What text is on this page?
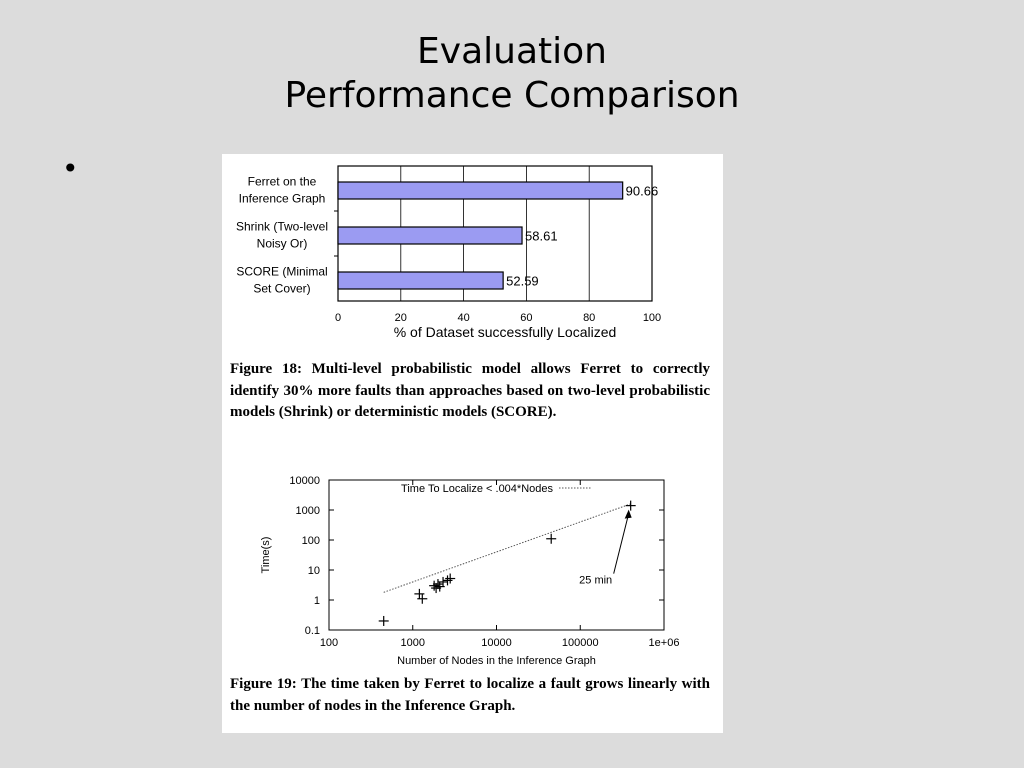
Evaluation
Performance Comparison
•
0	20	40	60	80	100
% of Dataset successfully Localized
90.66
Ferret on the
Inference Graph
58.61
Shrink (Two-level
Noisy Or)
52.59
SCORE (Minimal
Set Cover)
Figure 18: Multi-level probabilistic model allows Ferret to correctly identify 30% more faults than approaches based on two-level probabilistic models (Shrink) or deterministic models (SCORE).
100	1000	10000	100000	1e+06
0.1
1
10
100
1000
10000
Number of Nodes in the Inference Graph
Time(s)
Time To Localize < .004*Nodes
25 min
Figure 19: The time taken by Ferret to localize a fault grows linearly with the number of nodes in the Inference Graph.
